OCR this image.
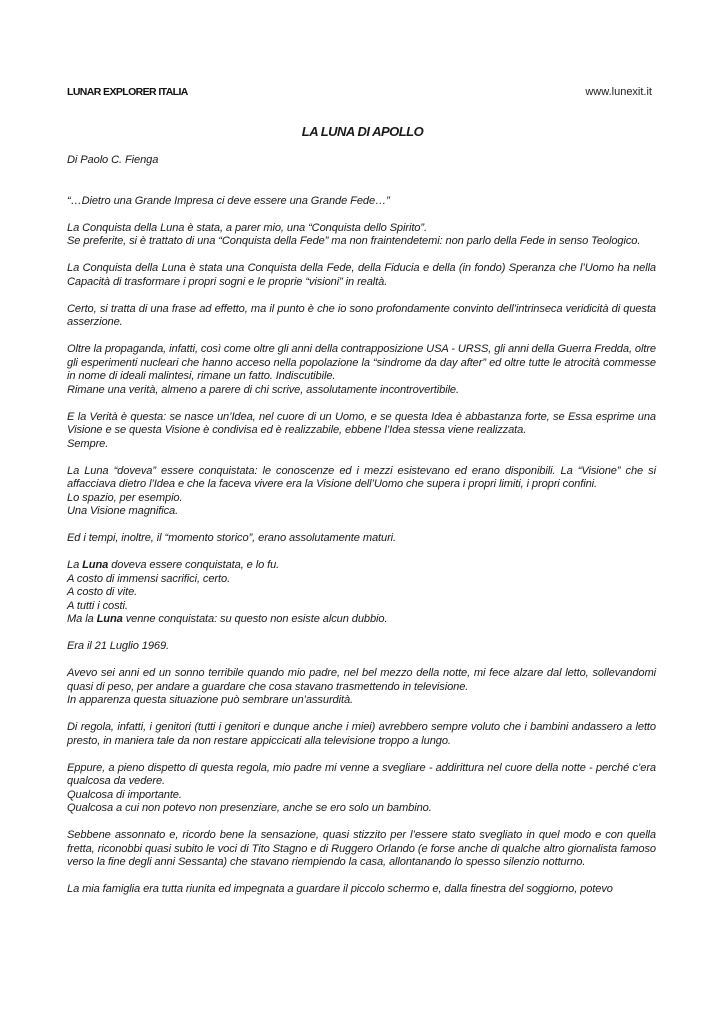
LUNAR EXPLORER ITALIA	www.lunexit.it
LA LUNA DI APOLLO

Di Paolo C. Fienga

“…Dietro una Grande Impresa ci deve essere una Grande Fede…”

La Conquista della Luna è stata, a parer mio, una “Conquista dello Spirito”.
Se preferite, si è trattato di una “Conquista della Fede” ma non fraintendetemi: non parlo della Fede in senso Teologico.

La Conquista della Luna è stata una Conquista della Fede, della Fiducia e della (in fondo) Speranza che l’Uomo ha nella Capacità di trasformare i propri sogni e le proprie “visioni” in realtà.

Certo, si tratta di una frase ad effetto, ma il punto è che io sono profondamente convinto dell’intrinseca veridicità di questa asserzione.

Oltre la propaganda, infatti, così come oltre gli anni della contrapposizione USA - URSS, gli anni della Guerra Fredda, oltre gli esperimenti nucleari che hanno acceso nella popolazione la “sindrome da day after” ed oltre tutte le atrocità commesse in nome di ideali malintesi, rimane un fatto. Indiscutibile.
Rimane una verità, almeno a parere di chi scrive, assolutamente incontrovertibile.

E la Verità è questa: se nasce un’Idea, nel cuore di un Uomo, e se questa Idea è abbastanza forte, se Essa esprime una Visione e se questa Visione è condivisa ed è realizzabile, ebbene l’Idea stessa viene realizzata.
Sempre.

La Luna “doveva” essere conquistata: le conoscenze ed i mezzi esistevano ed erano disponibili. La “Visione” che si affacciava dietro l’Idea e che la faceva vivere era la Visione dell’Uomo che supera i propri limiti, i propri confini.
Lo spazio, per esempio.
Una Visione magnifica.

Ed i tempi, inoltre, il “momento storico”, erano assolutamente maturi.

La Luna doveva essere conquistata, e lo fu.
A costo di immensi sacrifici, certo.
A costo di vite.
A tutti i costi.
Ma la Luna venne conquistata: su questo non esiste alcun dubbio.

Era il 21 Luglio 1969.

Avevo sei anni ed un sonno terribile quando mio padre, nel bel mezzo della notte, mi fece alzare dal letto, sollevandomi quasi di peso, per andare a guardare che cosa stavano trasmettendo in televisione.
In apparenza questa situazione può sembrare un’assurdità.

Di regola, infatti, i genitori (tutti i genitori e dunque anche i miei) avrebbero sempre voluto che i bambini andassero a letto presto, in maniera tale da non restare appiccicati alla televisione troppo a lungo.

Eppure, a pieno dispetto di questa regola, mio padre mi venne a svegliare - addirittura nel cuore della notte - perché c’era qualcosa da vedere.
Qualcosa di importante.
Qualcosa a cui non potevo non presenziare, anche se ero solo un bambino.

Sebbene assonnato e, ricordo bene la sensazione, quasi stizzito per l’essere stato svegliato in quel modo e con quella fretta, riconobbi quasi subito le voci di Tito Stagno e di Ruggero Orlando (e forse anche di qualche altro giornalista famoso verso la fine degli anni Sessanta) che stavano riempiendo la casa, allontanando lo spesso silenzio notturno.

La mia famiglia era tutta riunita ed impegnata a guardare il piccolo schermo e, dalla finestra del soggiorno, potevo
